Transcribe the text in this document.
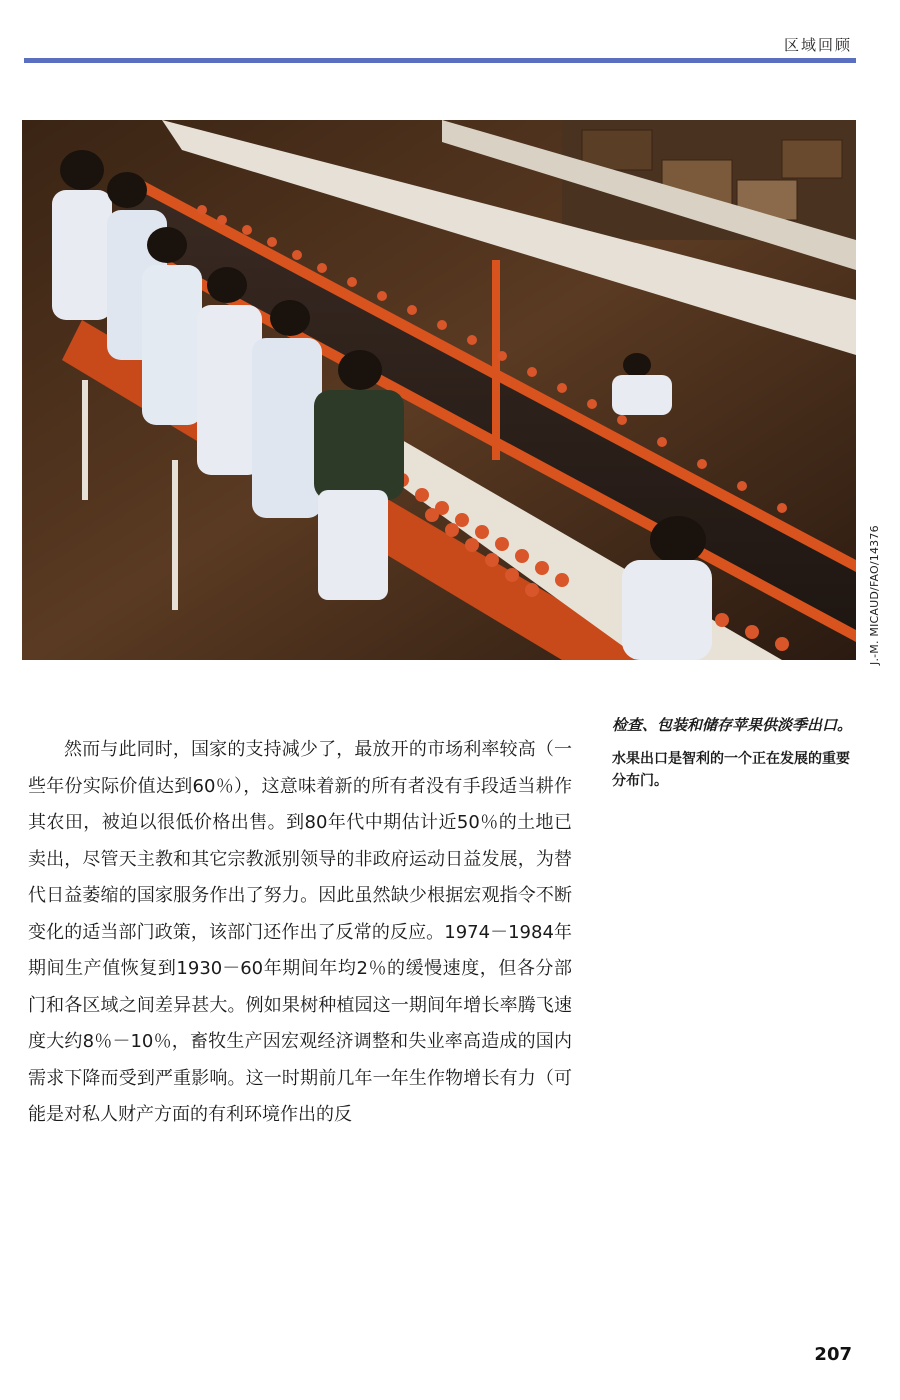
区域回顾
J.-M. MICAUD/FAO/14376
然而与此同时，国家的支持减少了，最放开的市场利率较高（一些年份实际价值达到60％），这意味着新的所有者没有手段适当耕作其农田，被迫以很低价格出售。到80年代中期估计近50％的土地已卖出，尽管天主教和其它宗教派别领导的非政府运动日益发展，为替代日益萎缩的国家服务作出了努力。因此虽然缺少根据宏观指令不断变化的适当部门政策，该部门还作出了反常的反应。1974－1984年期间生产值恢复到1930－60年期间年均2％的缓慢速度，但各分部门和各区域之间差异甚大。例如果树种植园这一期间年增长率腾飞速度大约8％－10％，畜牧生产因宏观经济调整和失业率高造成的国内需求下降而受到严重影响。这一时期前几年一年生作物增长有力（可能是对私人财产方面的有利环境作出的反

检查、包装和储存苹果供淡季出口。

水果出口是智利的一个正在发展的重要分布门。

207
